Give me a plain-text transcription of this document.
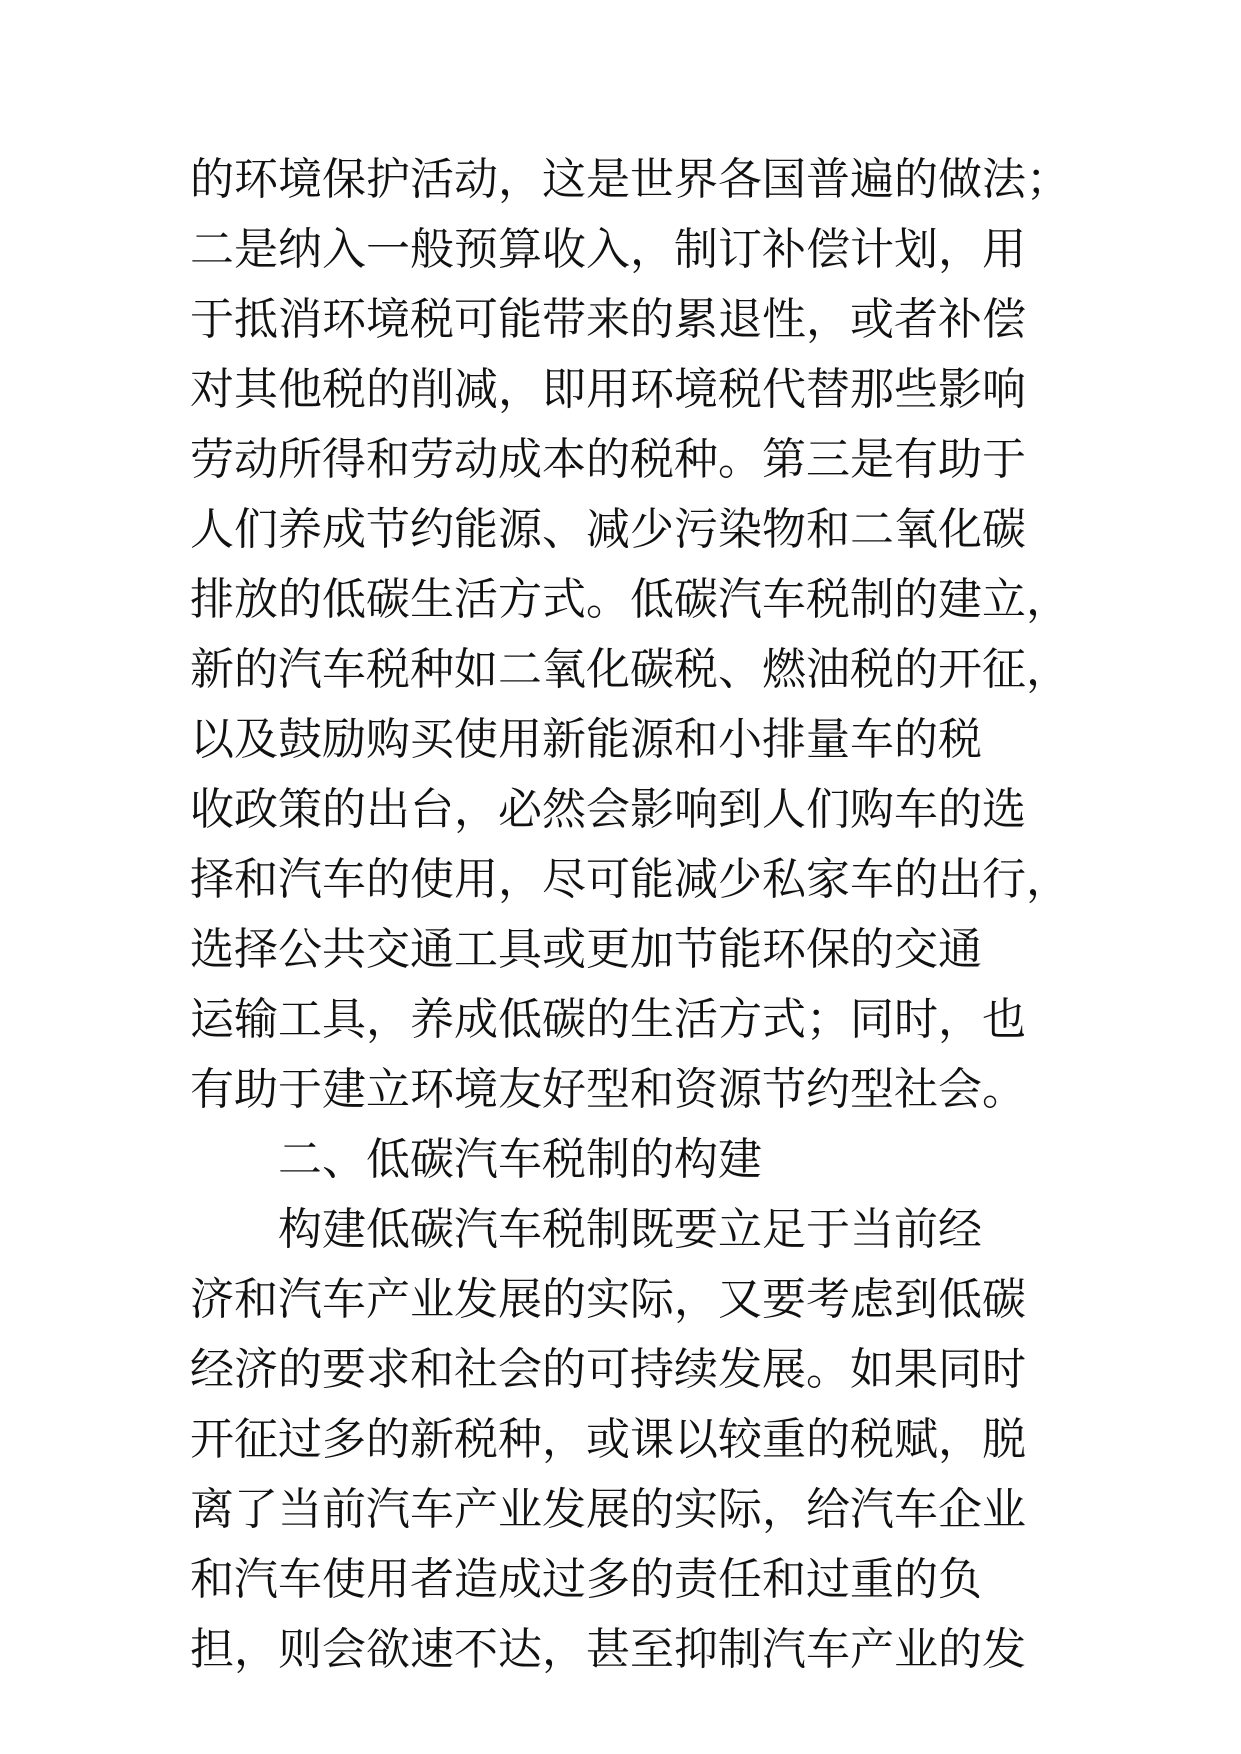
的环境保护活动，这是世界各国普遍的做法；
二是纳入一般预算收入，制订补偿计划，用
于抵消环境税可能带来的累退性，或者补偿
对其他税的削减，即用环境税代替那些影响
劳动所得和劳动成本的税种。第三是有助于
人们养成节约能源、减少污染物和二氧化碳
排放的低碳生活方式。低碳汽车税制的建立，
新的汽车税种如二氧化碳税、燃油税的开征，
以及鼓励购买使用新能源和小排量车的税
收政策的出台，必然会影响到人们购车的选
择和汽车的使用，尽可能减少私家车的出行，
选择公共交通工具或更加节能环保的交通
运输工具，养成低碳的生活方式；同时，也
有助于建立环境友好型和资源节约型社会。
二、低碳汽车税制的构建
构建低碳汽车税制既要立足于当前经
济和汽车产业发展的实际，又要考虑到低碳
经济的要求和社会的可持续发展。如果同时
开征过多的新税种，或课以较重的税赋，脱
离了当前汽车产业发展的实际，给汽车企业
和汽车使用者造成过多的责任和过重的负
担，则会欲速不达，甚至抑制汽车产业的发
